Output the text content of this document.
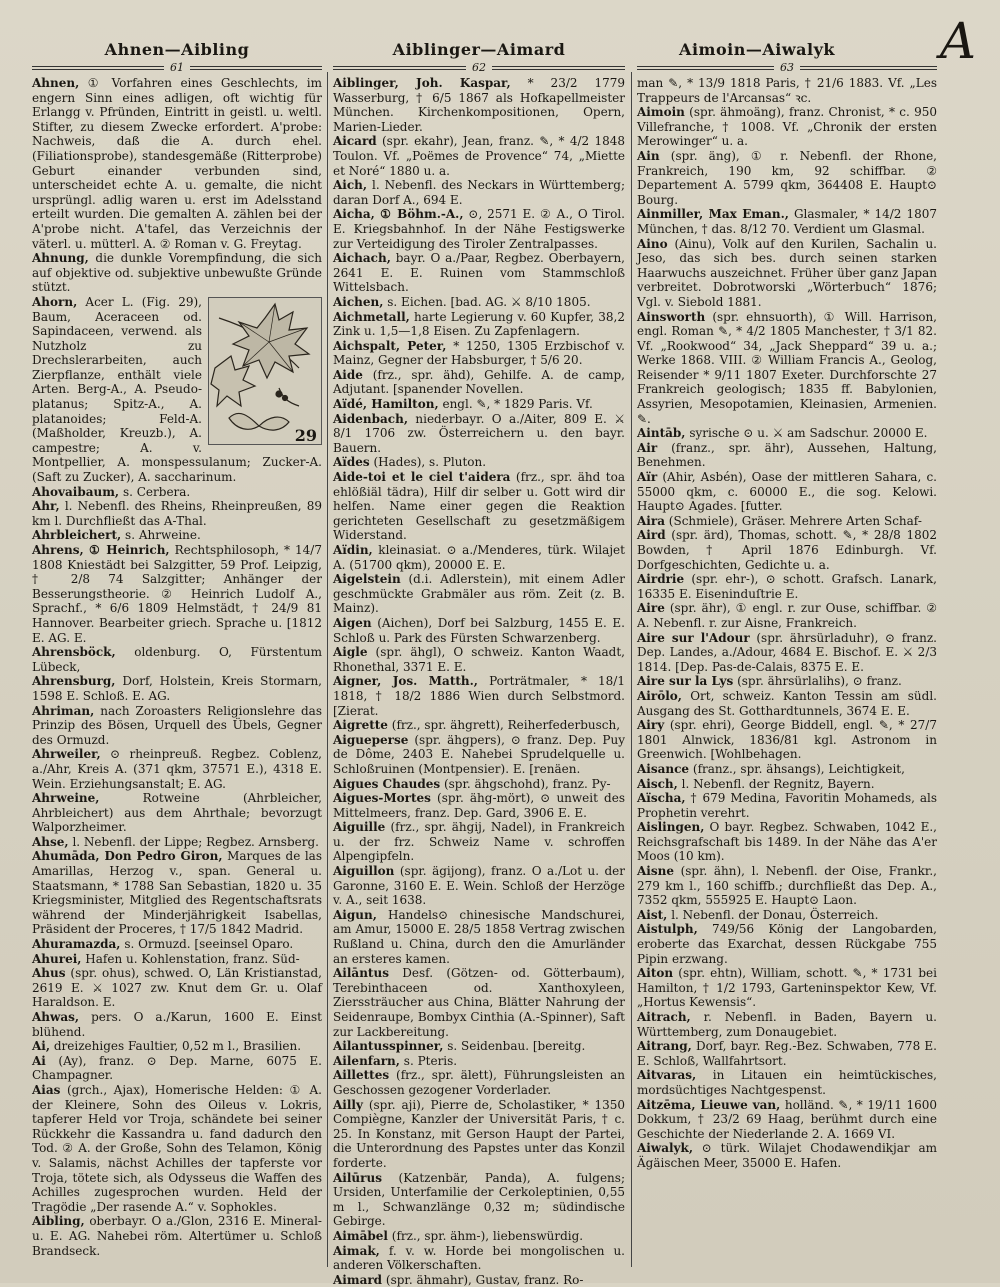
Ahnen—Aibling	Aiblinger—Aimard	Aimoin—Aiwalyk	A
61	62	63

Ahnen, ① Vorfahren eines Geschlechts, im engern Sinn eines adligen, oft wichtig für Erlangg v. Pfründen, Eintritt in geistl. u. weltl. Stifter, zu diesem Zwecke erfordert. A'probe: Nachweis, daß die A. durch ehel. (Filiationsprobe), standesgemäße (Ritterprobe) Geburt einander verbunden sind, unterscheidet echte A. u. gemalte, die nicht ursprüngl. adlig waren u. erst im Adelsstand erteilt wurden. Die gemalten A. zählen bei der A'probe nicht. A'tafel, das Verzeichnis der väterl. u. mütterl. A. ② Roman v. G. Freytag.

Ahnung, die dunkle Vorempfindung, die sich auf objektive od. subjektive unbewußte Gründe stützt.

29

Ahorn, Acer L. (Fig. 29), Baum, Aceraceen od. Sapindaceen, verwend. als Nutzholz zu Drechslerarbeiten, auch Zierpflanze, enthält viele Arten. Berg-A., A. Pseudo-platanus; Spitz-A., A. platanoides; Feld-A. (Maßholder, Kreuzb.), A. campestre; A. v. Montpellier, A. monspessulanum; Zucker-A. (Saft zu Zucker), A. saccharinum.

Ahovaibaum, s. Cerbera.

Ahr, l. Nebenfl. des Rheins, Rheinpreußen, 89 km l. Durchfließt das A-Thal.

Ahrbleichert, s. Ahrweine.

Ahrens, ① Heinrich, Rechtsphilosoph, * 14/7 1808 Kniestädt bei Salzgitter, 59 Prof. Leipzig, † 2/8 74 Salzgitter; Anhänger der Besserungstheorie. ② Heinrich Ludolf A., Sprachf., * 6/6 1809 Helmstädt, † 24/9 81 Hannover. Bearbeiter griech. Sprache u. [1812 E. AG. E.

Ahrensböck, oldenburg. O, Fürstentum Lübeck,

Ahrensburg, Dorf, Holstein, Kreis Stormarn, 1598 E. Schloß. E. AG.

Ahriman, nach Zoroasters Religionslehre das Prinzip des Bösen, Urquell des Übels, Gegner des Ormuzd.

Ahrweiler, ⊙ rheinpreuß. Regbez. Coblenz, a./Ahr, Kreis A. (371 qkm, 37571 E.), 4318 E. Wein. Erziehungsanstalt; E. AG.

Ahrweine,	Rotweine (Ahrbleicher, Ahrbleichert) aus dem Ahrthale; bevorzugt Walporzheimer.

Ahse, l. Nebenfl. der Lippe; Regbez. Arnsberg.

Ahumāda, Don Pedro Giron, Marques de las Amarillas, Herzog v., span. General u. Staatsmann, * 1788 San Sebastian, 1820 u. 35 Kriegsminister, Mitglied des Regentschaftsrats während der Minderjährigkeit Isabellas, Präsident der Proceres, † 17/5 1842 Madrid.

Ahuramazda, s. Ormuzd. [seeinsel Oparo.

Ahurei, Hafen u. Kohlenstation, franz. Süd-

Ahus (spr. ohus), schwed. O, Län Kristianstad, 2619 E. ⚔ 1027 zw. Knut dem Gr. u. Olaf Haraldson. E.

Ahwas, pers. O a./Karun, 1600 E. Einst blühend.

Ai, dreizehiges Faultier, 0,52 m l., Brasilien.

Ai (Ay), franz. ⊙ Dep. Marne, 6075 E. Champagner.

Aias (grch., Ajax), Homerische Helden: ① A. der Kleinere, Sohn des Oileus v. Lokris, tapferer Held vor Troja, schändete bei seiner Rückkehr die Kassandra u. fand dadurch den Tod. ② A. der Große, Sohn des Telamon, König v. Salamis, nächst Achilles der tapferste vor Troja, tötete sich, als Odysseus die Waffen des Achilles zugesprochen wurden. Held der Tragödie „Der rasende A.“ v. Sophokles.

Aibling, oberbayr. O a./Glon, 2316 E. Mineral- u. E. AG. Nahebei röm. Altertümer u. Schloß Brandseck.

Aiblinger, Joh. Kaspar, * 23/2 1779 Wasserburg, † 6/5 1867 als Hofkapellmeister München. Kirchenkompositionen, Opern, Marien-Lieder.

Aicard (spr. ekahr), Jean, franz. ✎, * 4/2 1848 Toulon. Vf. „Poëmes de Provence“ 74, „Miette et Noré“ 1880 u. a.

Aich, l. Nebenfl. des Neckars in Württemberg; daran Dorf A., 694 E.

Aicha, ① Böhm.-A., ⊙, 2571 E. ② A., O Tirol. E. Kriegsbahnhof. In der Nähe Festigswerke zur Verteidigung des Tiroler Zentralpasses.

Aichach, bayr. O a./Paar, Regbez. Oberbayern, 2641 E. E. Ruinen vom Stammschloß Wittelsbach.

Aichen, s. Eichen. [bad. AG. ⚔ 8/10 1805.

Aichmetall, harte Legierung v. 60 Kupfer, 38,2 Zink u. 1,5—1,8 Eisen. Zu Zapfenlagern.

Aichspalt, Peter, * 1250, 1305 Erzbischof v. Mainz, Gegner der Habsburger, † 5/6 20.

Aide (frz., spr. ähd), Gehilfe. A. de camp, Adjutant. [spanender Novellen.

Aïdé, Hamilton, engl. ✎, * 1829 Paris. Vf.

Aidenbach, niederbayr. O a./Aiter, 809 E. ⚔ 8/1 1706 zw. Österreichern u. den bayr. Bauern.

Aïdes (Hades), s. Pluton.

Aide-toi et le ciel t'aidera (frz., spr. ähd toa ehlößiäl tädra), Hilf dir selber u. Gott wird dir helfen. Name einer gegen die Reaktion gerichteten Gesellschaft zu gesetzmäßigem Widerstand.

Aïdin, kleinasiat. ⊙ a./Menderes, türk. Wilajet A. (51700 qkm), 20000 E. E.

Aigelstein (d.i. Adlerstein), mit einem Adler geschmückte Grabmäler aus röm. Zeit (z. B. Mainz).

Aigen (Aichen), Dorf bei Salzburg, 1455 E. E. Schloß u. Park des Fürsten Schwarzenberg.

Aigle (spr. ähgl), O schweiz. Kanton Waadt, Rhonethal, 3371 E. E.

Aigner, Jos. Matth., Porträtmaler, * 18/1 1818, † 18/2 1886 Wien durch Selbstmord. [Zierat.

Aigrette (frz., spr. ähgrett), Reiherfederbusch,

Aigueperse (spr. ähgpers), ⊙ franz. Dep. Puy de Dôme, 2403 E. Nahebei Sprudelquelle u. Schloßruinen (Montpensier). E. [renäen.

Aigues Chaudes (spr. ähgschohd), franz. Py-

Aigues-Mortes (spr. ähg-mört), ⊙ unweit des Mittelmeers, franz. Dep. Gard, 3906 E. E.

Aiguille (frz., spr. ähgij, Nadel), in Frankreich u. der frz. Schweiz Name v. schroffen Alpengipfeln.

Aiguillon (spr. ägijong), franz. O a./Lot u. der Garonne, 3160 E. E. Wein. Schloß der Herzöge v. A., seit 1638.

Aigun, Handels⊙ chinesische Mandschurei, am Amur, 15000 E. 28/5 1858 Vertrag zwischen Rußland u. China, durch den die Amurländer an ersteres kamen.

Ailāntus Desf. (Götzen- od. Götterbaum), Terebinthaceen od. Xanthoxyleen, Zierssträucher aus China, Blätter Nahrung der Seidenraupe, Bombyx Cinthia (A.-Spinner), Saft zur Lackbereitung.

Ailantusspinner, s. Seidenbau. [bereitg.

Ailenfarn, s. Pteris.

Aillettes (frz., spr. älett), Führungsleisten an Geschossen gezogener Vorderlader.

Ailly (spr. aji), Pierre de, Scholastiker, * 1350 Compiègne, Kanzler der Universität Paris, † c. 25. In Konstanz, mit Gerson Haupt der Partei, die Unterordnung des Papstes unter das Konzil forderte.

Ailūrus (Katzenbär, Panda), A. fulgens; Ursiden, Unterfamilie der Cerkoleptinien, 0,55 m l., Schwanzlänge 0,32 m; südindische Gebirge.

Aimābel (frz., spr. ähm-), liebenswürdig.

Aimak, f. v. w. Horde bei mongolischen u. anderen Völkerschaften.

Aimard (spr. ähmahr), Gustav, franz. Ro-

man ✎, * 13/9 1818 Paris, † 21/6 1883. Vf. „Les Trappeurs de l'Arcansas“ ꝛc.

Aimoin (spr. ähmoäng), franz. Chronist, * c. 950 Villefranche, † 1008. Vf. „Chronik der ersten Merowinger“ u. a.

Ain (spr. äng), ① r. Nebenfl. der Rhone, Frankreich, 190 km, 92 schiffbar. ② Departement A. 5799 qkm, 364408 E. Haupt⊙ Bourg.

Ainmiller, Max Eman., Glasmaler, * 14/2 1807 München, † das. 8/12 70. Verdient um Glasmal.

Aino (Ainu), Volk auf den Kurilen, Sachalin u. Jeso, das sich bes. durch seinen starken Haarwuchs auszeichnet. Früher über ganz Japan verbreitet. Dobrotworski „Wörterbuch“ 1876; Vgl. v. Siebold 1881.

Ainsworth (spr. ehnsuorth), ① Will. Harrison, engl. Roman ✎, * 4/2 1805 Manchester, † 3/1 82. Vf. „Rookwood“ 34, „Jack Sheppard“ 39 u. a.; Werke 1868. VIII. ② William Francis A., Geolog, Reisender * 9/11 1807 Exeter. Durchforschte 27 Frankreich geologisch; 1835 ff. Babylonien, Assyrien, Mesopotamien, Kleinasien, Armenien. ✎.

Aintāb, syrische ⊙ u. ⚔ am Sadschur. 20000 E.

Air (franz., spr. ähr), Aussehen, Haltung, Benehmen.

Aïr (Ahir, Asbén), Oase der mittleren Sahara, c. 55000 qkm, c. 60000 E., die sog. Kelowi. Haupt⊙ Agades. [futter.

Aira (Schmiele), Gräser. Mehrere Arten Schaf-

Aird (spr. ärd), Thomas, schott. ✎, * 28/8 1802 Bowden, † April 1876 Edinburgh. Vf. Dorfgeschichten, Gedichte u. a.

Airdrie (spr. ehr-), ⊙ schott. Grafsch. Lanark, 16335 E. Eiseninduſtrie E.

Aire (spr. ähr), ① engl. r. zur Ouse, schiffbar. ② A. Nebenfl. r. zur Aisne, Frankreich.

Aire sur l'Adour (spr. ährsürladuhr), ⊙ franz. Dep. Landes, a./Adour, 4684 E. Bischof. E. ⚔ 2/3 1814. [Dep. Pas-de-Calais, 8375 E. E.

Aire sur la Lys (spr. ährsürlalihs), ⊙ franz.

Airōlo, Ort, schweiz. Kanton Tessin am südl. Ausgang des St. Gotthardtunnels, 3674 E. E.

Airy (spr. ehri), George Biddell, engl. ✎, * 27/7 1801 Alnwick, 1836/81 kgl. Astronom in Greenwich. [Wohlbehagen.

Aisance (franz., spr. ähsangs), Leichtigkeit,

Aisch, l. Nebenfl. der Regnitz, Bayern.

Aïscha, † 679 Medina, Favoritin Mohameds, als Prophetin verehrt.

Aislingen, O bayr. Regbez. Schwaben, 1042 E., Reichsgrafschaft bis 1489. In der Nähe das A'er Moos (10 km).

Aisne (spr. ähn), l. Nebenfl. der Oise, Frankr., 279 km l., 160 schiffb.; durchfließt das Dep. A., 7352 qkm, 555925 E. Haupt⊙ Laon.

Aist, l. Nebenfl. der Donau, Österreich.

Aistulph, 749/56 König der Langobarden, eroberte das Exarchat, dessen Rückgabe 755 Pipin erzwang.

Aiton (spr. ehtn), William, schott. ✎, * 1731 bei Hamilton, † 1/2 1793, Garteninspektor Kew, Vf. „Hortus Kewensis“.

Aitrach, r. Nebenfl. in Baden, Bayern u. Württemberg, zum Donaugebiet.

Aitrang, Dorf, bayr. Reg.-Bez. Schwaben, 778 E. E. Schloß, Wallfahrtsort.

Aitvaras, in Litauen ein heimtückisches, mordsüchtiges Nachtgespenst.

Aitzēma, Lieuwe van, holländ. ✎, * 19/11 1600 Dokkum, † 23/2 69 Haag, berühmt durch eine Geschichte der Niederlande 2. A. 1669 VI.

Aiwalyk, ⊙ türk. Wilajet Chodawendikjar am Ägäischen Meer, 35000 E. Hafen.
